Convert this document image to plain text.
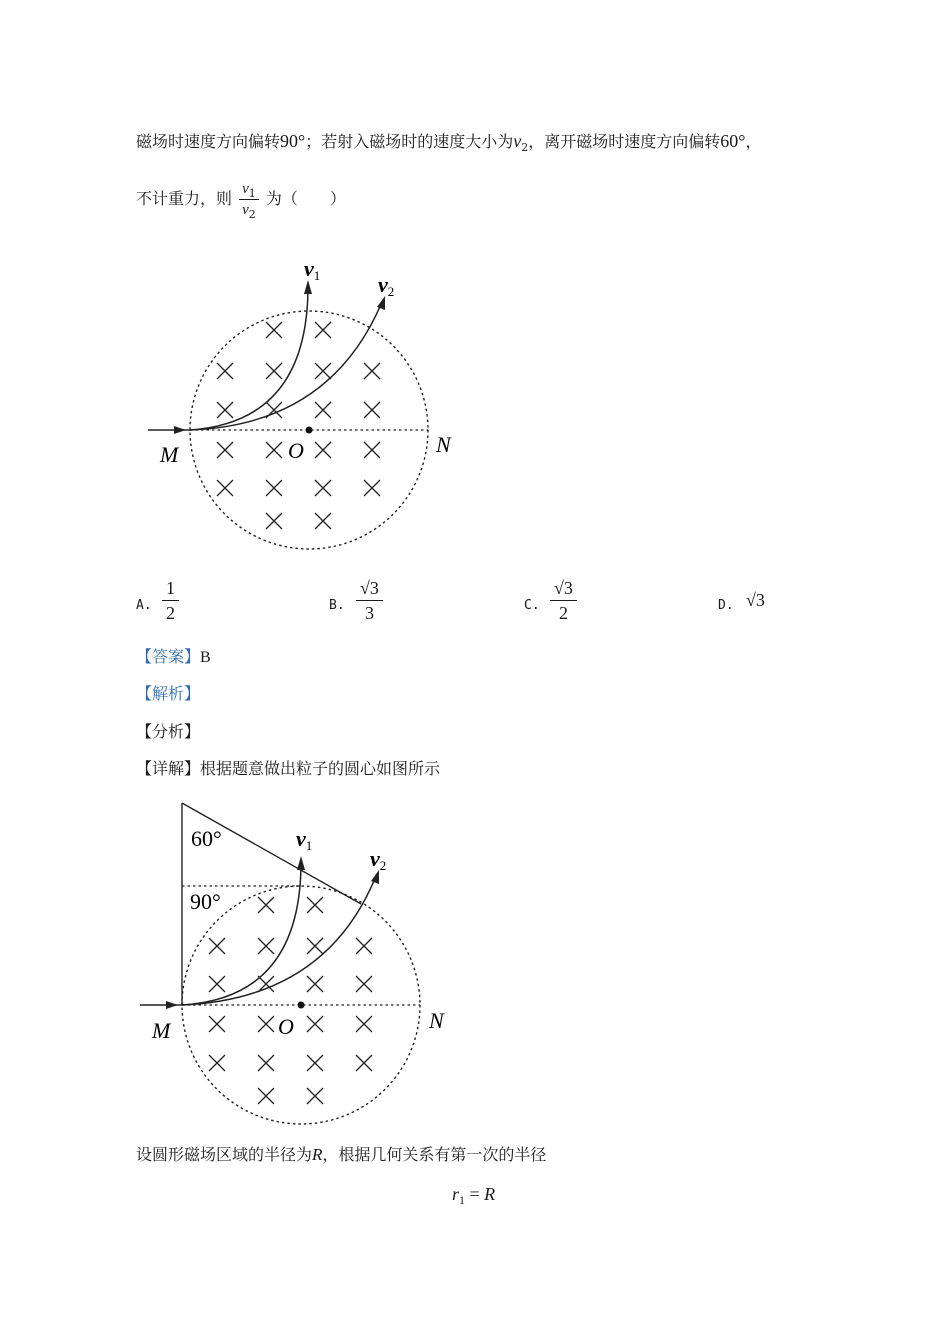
磁场时速度方向偏转90°；若射入磁场时的速度大小为$v_2$，离开磁场时速度方向偏转60°，
不计重力，则 $\frac{v_1}{v_2}$ 为（　　）
v1	v2
M	O	N
A. $\frac{1}{2}$	B. $\frac{√3}{3}$	C. $\frac{√3}{2}$	D. √3
【答案】B
【解析】
【分析】
【详解】根据题意做出粒子的圆心如图所示
60°
90°
v1
v2
M	O	N
设圆形磁场区域的半径为R，根据几何关系有第一次的半径
$r_1 = R$
